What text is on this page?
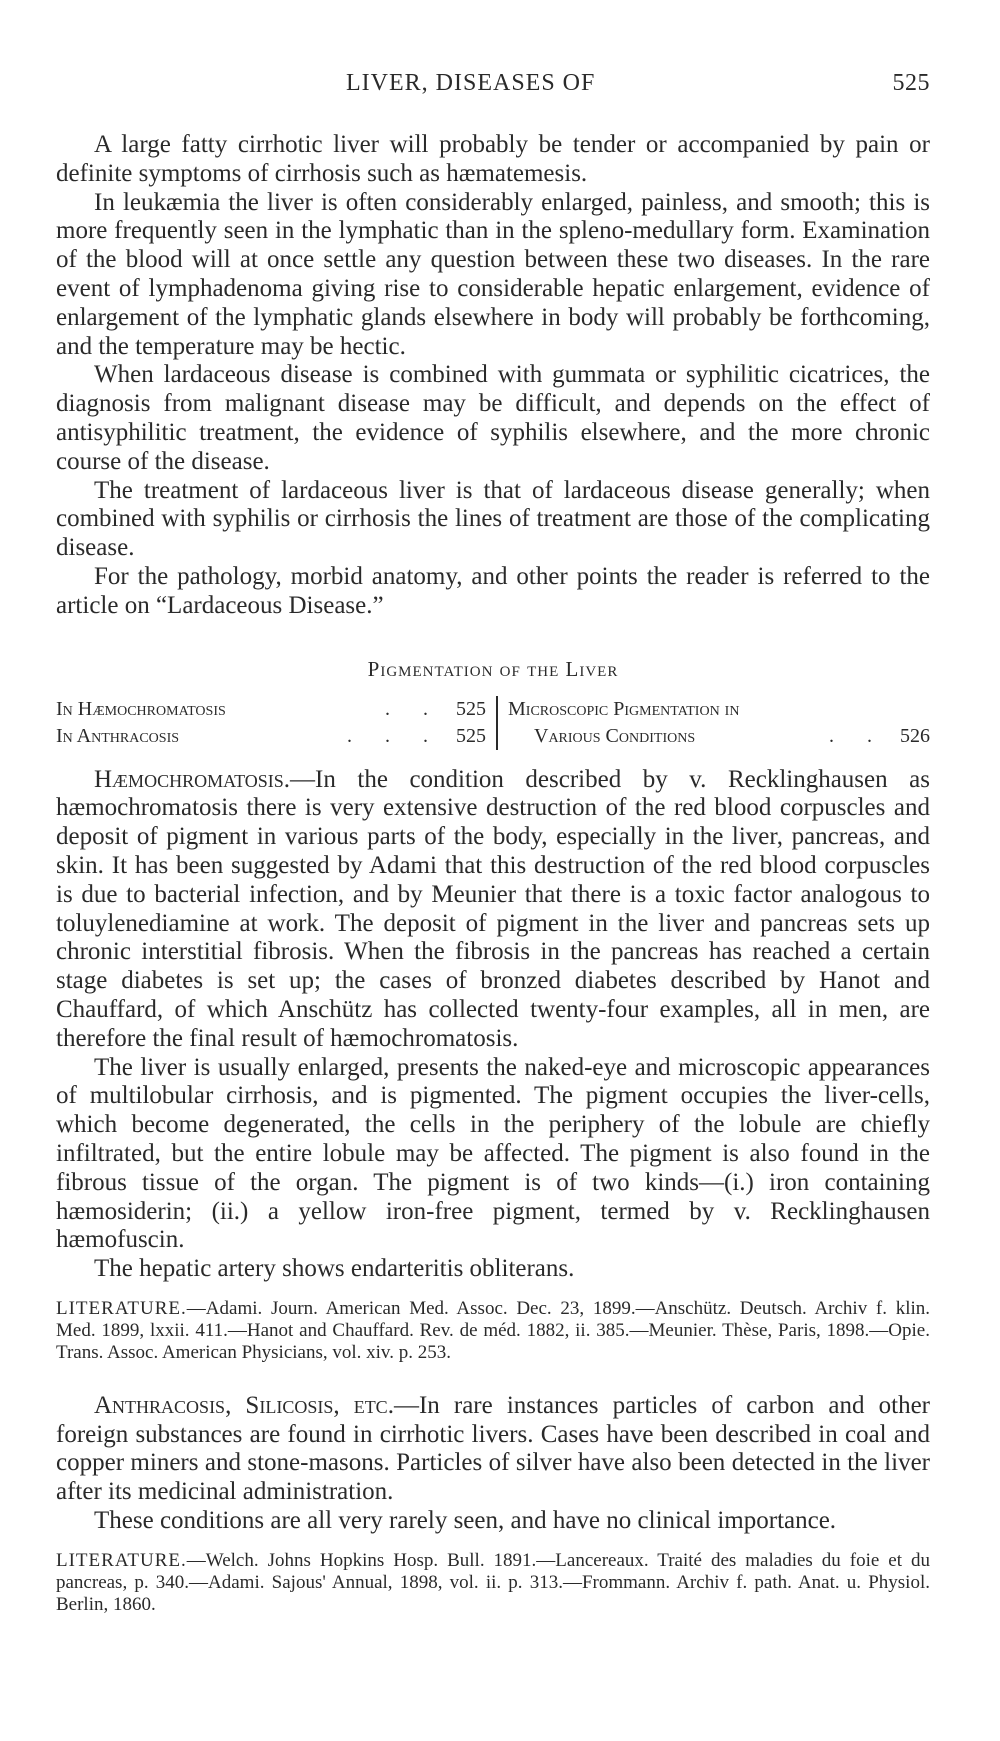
LIVER, DISEASES OF	525

A large fatty cirrhotic liver will probably be tender or accompanied by pain or definite symptoms of cirrhosis such as hæmatemesis.

In leukæmia the liver is often considerably enlarged, painless, and smooth; this is more frequently seen in the lymphatic than in the spleno-medullary form. Examination of the blood will at once settle any question between these two diseases. In the rare event of lymphadenoma giving rise to considerable hepatic enlargement, evidence of enlargement of the lymphatic glands elsewhere in body will probably be forthcoming, and the temperature may be hectic.

When lardaceous disease is combined with gummata or syphilitic cicatrices, the diagnosis from malignant disease may be difficult, and depends on the effect of antisyphilitic treatment, the evidence of syphilis elsewhere, and the more chronic course of the disease.

The treatment of lardaceous liver is that of lardaceous disease generally; when combined with syphilis or cirrhosis the lines of treatment are those of the complicating disease.

For the pathology, morbid anatomy, and other points the reader is referred to the article on “Lardaceous Disease.”

Pigmentation of the Liver
In Hæmochromatosis	. . 525
In Anthracosis	. . . 525
Microscopic Pigmentation in
Various Conditions	. . 526

Hæmochromatosis.—In the condition described by v. Recklinghausen as hæmochromatosis there is very extensive destruction of the red blood corpuscles and deposit of pigment in various parts of the body, especially in the liver, pancreas, and skin. It has been suggested by Adami that this destruction of the red blood corpuscles is due to bacterial infection, and by Meunier that there is a toxic factor analogous to toluylenediamine at work. The deposit of pigment in the liver and pancreas sets up chronic interstitial fibrosis. When the fibrosis in the pancreas has reached a certain stage diabetes is set up; the cases of bronzed diabetes described by Hanot and Chauffard, of which Anschütz has collected twenty-four examples, all in men, are therefore the final result of hæmochromatosis.

The liver is usually enlarged, presents the naked-eye and microscopic appearances of multilobular cirrhosis, and is pigmented. The pigment occupies the liver-cells, which become degenerated, the cells in the periphery of the lobule are chiefly infiltrated, but the entire lobule may be affected. The pigment is also found in the fibrous tissue of the organ. The pigment is of two kinds—(i.) iron containing hæmosiderin; (ii.) a yellow iron-free pigment, termed by v. Recklinghausen hæmofuscin.

The hepatic artery shows endarteritis obliterans.

LITERATURE.—Adami. Journ. American Med. Assoc. Dec. 23, 1899.—Anschütz. Deutsch. Archiv f. klin. Med. 1899, lxxii. 411.—Hanot and Chauffard. Rev. de méd. 1882, ii. 385.—Meunier. Thèse, Paris, 1898.—Opie. Trans. Assoc. American Physicians, vol. xiv. p. 253.

Anthracosis, Silicosis, etc.—In rare instances particles of carbon and other foreign substances are found in cirrhotic livers. Cases have been described in coal and copper miners and stone-masons. Particles of silver have also been detected in the liver after its medicinal administration.

These conditions are all very rarely seen, and have no clinical importance.

LITERATURE.—Welch. Johns Hopkins Hosp. Bull. 1891.—Lancereaux. Traité des maladies du foie et du pancreas, p. 340.—Adami. Sajous' Annual, 1898, vol. ii. p. 313.—Frommann. Archiv f. path. Anat. u. Physiol. Berlin, 1860.
